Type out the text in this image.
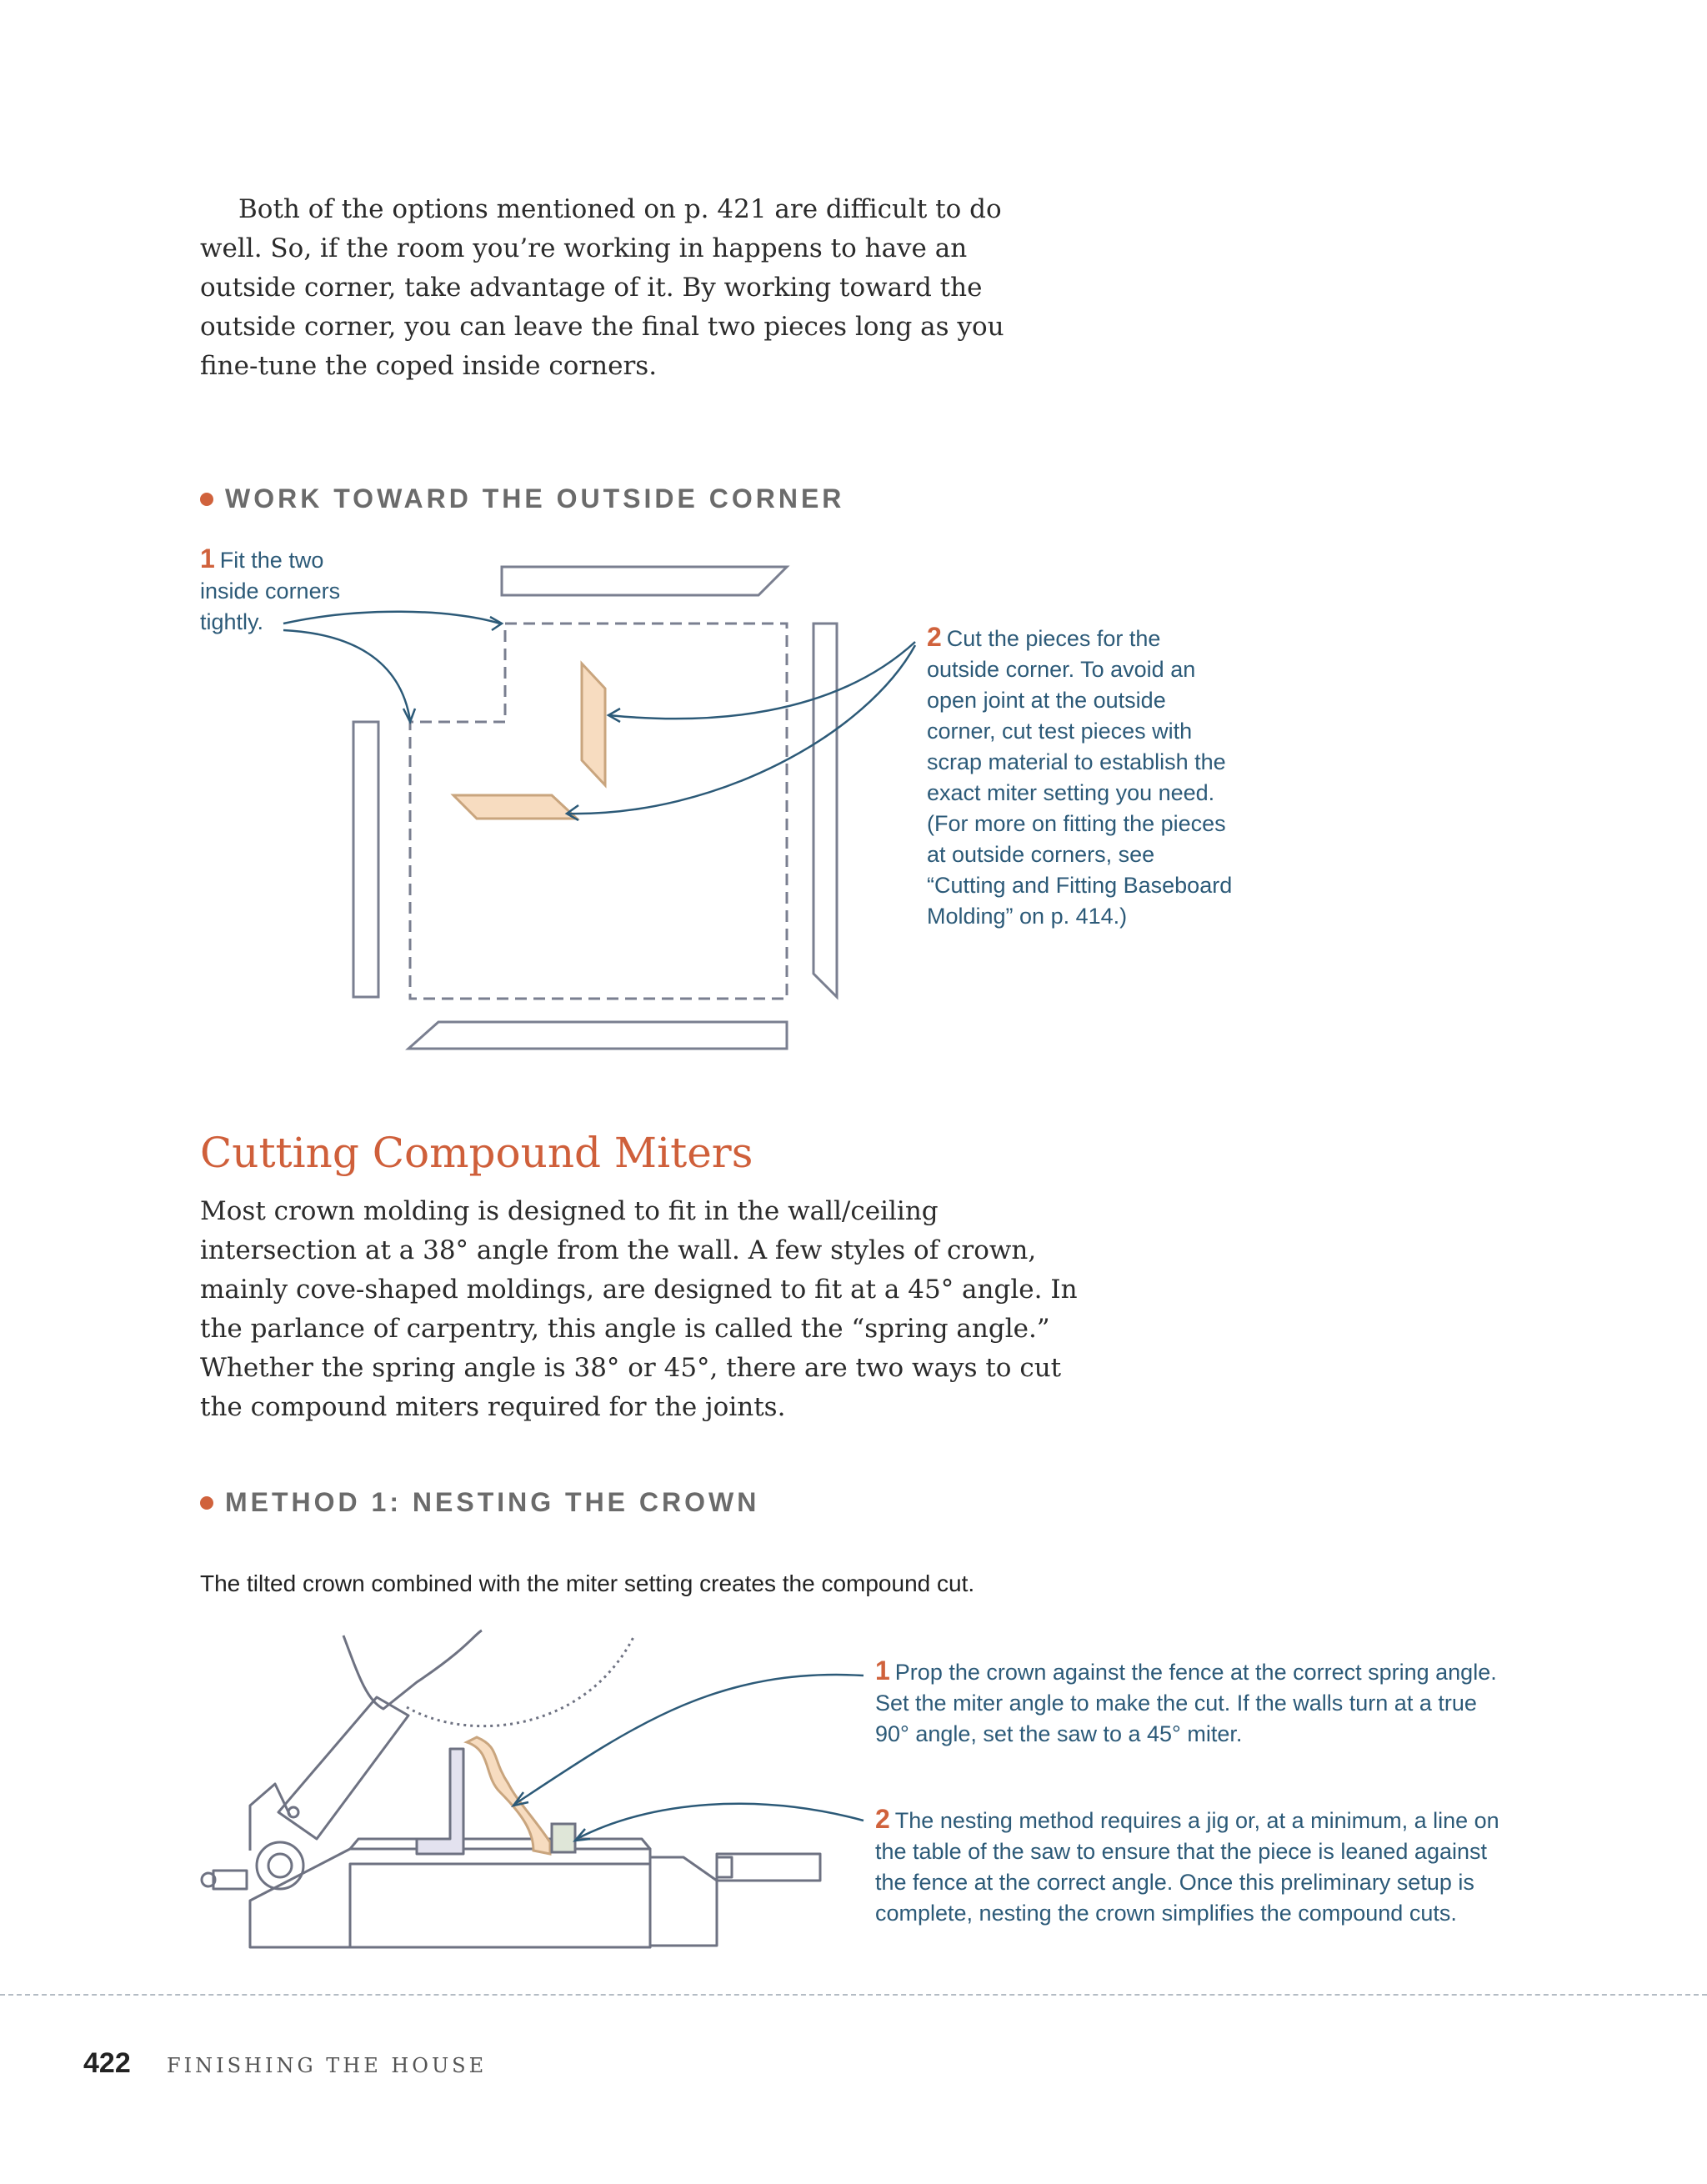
Both of the options mentioned on p. 421 are difficult to do well. So, if the room you’re working in happens to have an outside corner, take advantage of it. By working toward the outside corner, you can leave the final two pieces long as you fine-tune the coped inside corners.

WORK TOWARD THE OUTSIDE CORNER

1 Fit the two inside corners tightly.	2 Cut the pieces for the outside corner. To avoid an open joint at the outside corner, cut test pieces with scrap material to establish the exact miter setting you need. (For more on fitting the pieces at outside corners, see “Cutting and Fitting Baseboard Molding” on p. 414.)

Cutting Compound Miters

Most crown molding is designed to fit in the wall/ceiling intersection at a 38° angle from the wall. A few styles of crown, mainly cove-shaped moldings, are designed to fit at a 45° angle. In the parlance of carpentry, this angle is called the “spring angle.” Whether the spring angle is 38° or 45°, there are two ways to cut the compound miters required for the joints.

METHOD 1: NESTING THE CROWN

The tilted crown combined with the miter setting creates the compound cut.

1 Prop the crown against the fence at the correct spring angle. Set the miter angle to make the cut. If the walls turn at a true 90° angle, set the saw to a 45° miter.

2 The nesting method requires a jig or, at a minimum, a line on the table of the saw to ensure that the piece is leaned against the fence at the correct angle. Once this preliminary setup is complete, nesting the crown simplifies the compound cuts.

422 FINISHING THE HOUSE
